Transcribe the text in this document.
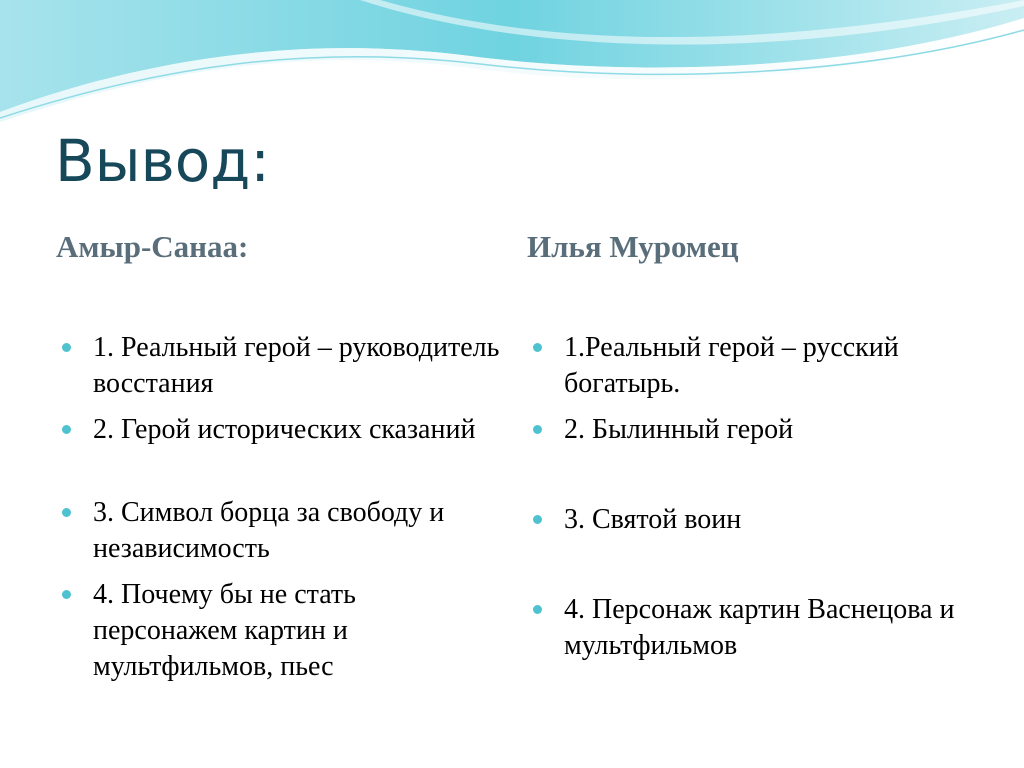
Вывод:
Амыр-Санаа:	Илья Муромец
1. Реальный герой – руководитель восстания
2. Герой исторических сказаний
3. Символ борца за свободу и независимость
4. Почему бы не стать персонажем картин и мультфильмов, пьес
1.Реальный герой – русский богатырь.
2. Былинный герой
3. Святой воин
4. Персонаж картин Васнецова и мультфильмов
